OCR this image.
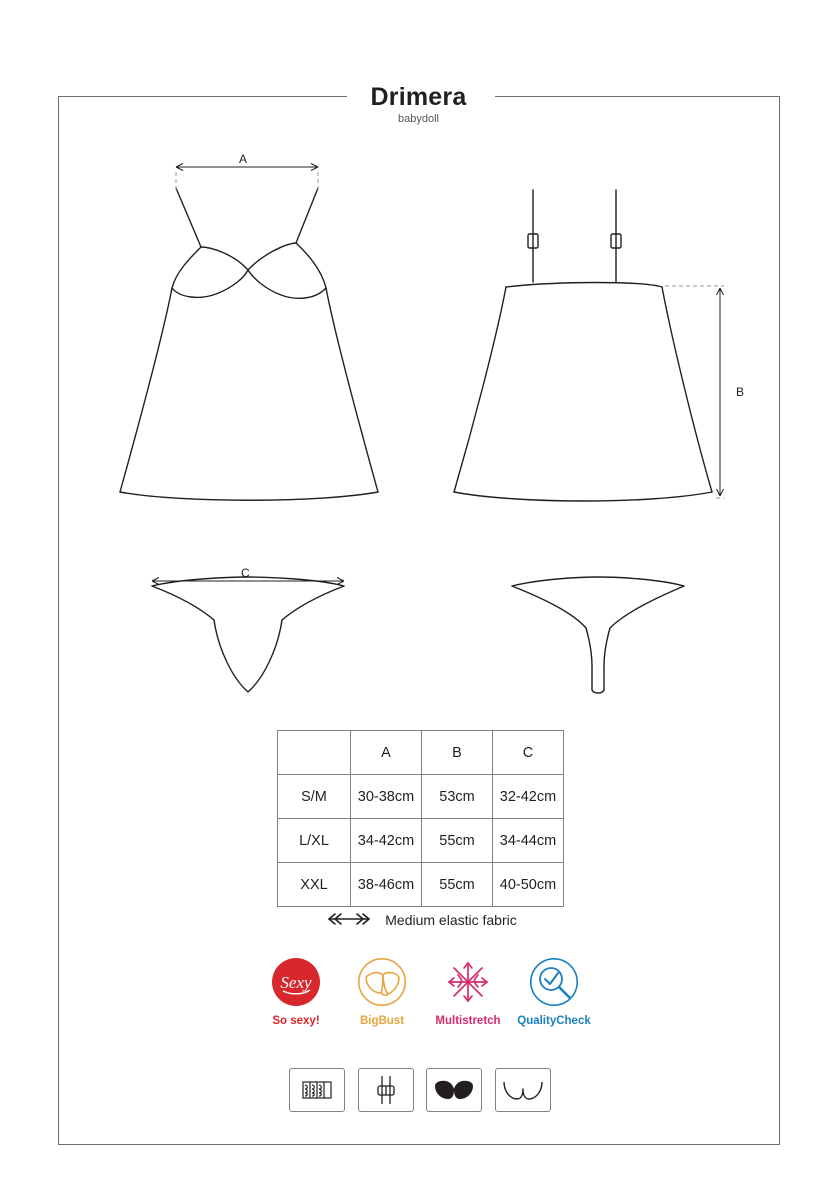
Drimera
babydoll
A
B
C
	A	B	C
S/M	30-38cm	53cm	32-42cm
L/XL	34-42cm	55cm	34-44cm
XXL	38-46cm	55cm	40-50cm
Medium elastic fabric
Sexy
So sexy!	BigBust	Multistretch	QualityCheck
